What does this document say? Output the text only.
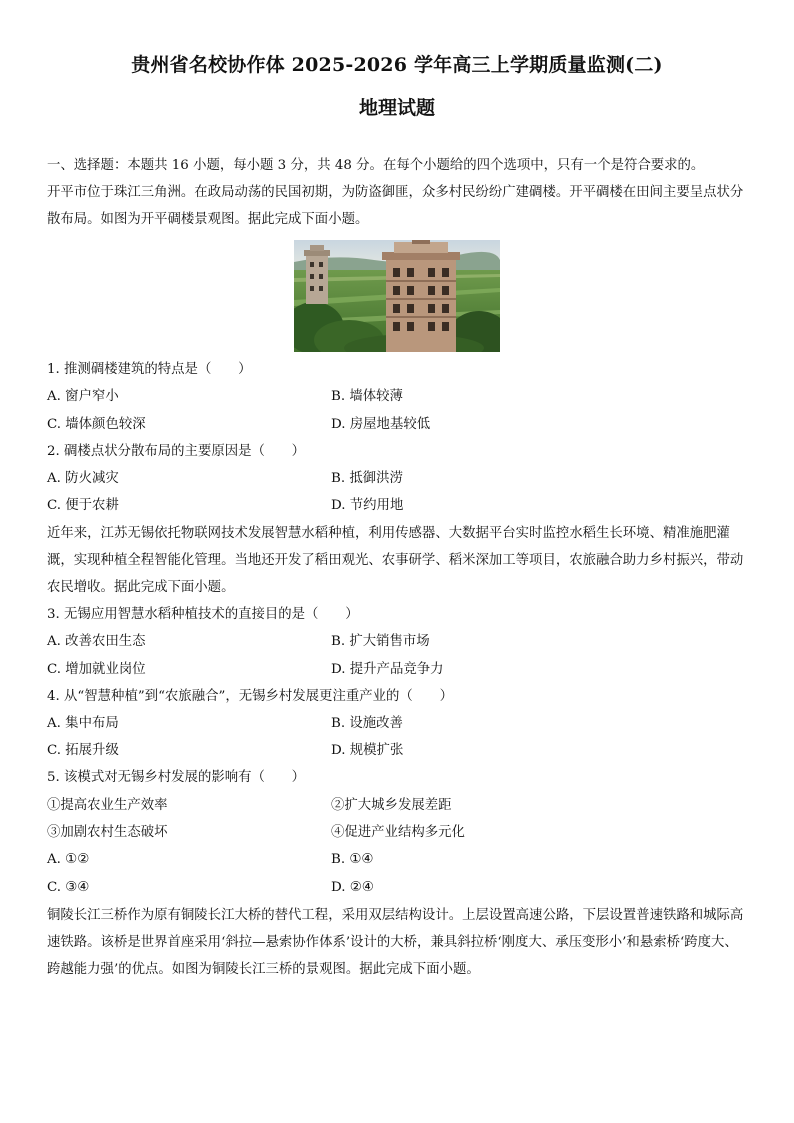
贵州省名校协作体 2025-2026 学年高三上学期质量监测(二)
地理试题

一、选择题：本题共 16 小题，每小题 3 分，共 48 分。在每个小题给的四个选项中，只有一个是符合要求的。

开平市位于珠江三角洲。在政局动荡的民国初期，为防盗御匪，众多村民纷纷广建碉楼。开平碉楼在田间主要呈点状分散布局。如图为开平碉楼景观图。据此完成下面小题。

1. 推测碉楼建筑的特点是（　　）
A. 窗户窄小	B. 墙体较薄
C. 墙体颜色较深	D. 房屋地基较低
2. 碉楼点状分散布局的主要原因是（　　）
A. 防火减灾	B. 抵御洪涝
C. 便于农耕	D. 节约用地

近年来，江苏无锡依托物联网技术发展智慧水稻种植，利用传感器、大数据平台实时监控水稻生长环境、精准施肥灌溉，实现种植全程智能化管理。当地还开发了稻田观光、农事研学、稻米深加工等项目，农旅融合助力乡村振兴，带动农民增收。据此完成下面小题。

3. 无锡应用智慧水稻种植技术的直接目的是（　　）
A. 改善农田生态	B. 扩大销售市场
C. 增加就业岗位	D. 提升产品竞争力
4. 从“智慧种植”到“农旅融合”，无锡乡村发展更注重产业的（　　）
A. 集中布局	B. 设施改善
C. 拓展升级	D. 规模扩张
5. 该模式对无锡乡村发展的影响有（　　）
①提高农业生产效率	②扩大城乡发展差距
③加剧农村生态破坏	④促进产业结构多元化
A. ①②	B. ①④
C. ③④	D. ②④

铜陵长江三桥作为原有铜陵长江大桥的替代工程，采用双层结构设计。上层设置高速公路，下层设置普速铁路和城际高速铁路。该桥是世界首座采用‘斜拉—悬索协作体系’设计的大桥，兼具斜拉桥‘刚度大、承压变形小’和悬索桥‘跨度大、跨越能力强’的优点。如图为铜陵长江三桥的景观图。据此完成下面小题。
